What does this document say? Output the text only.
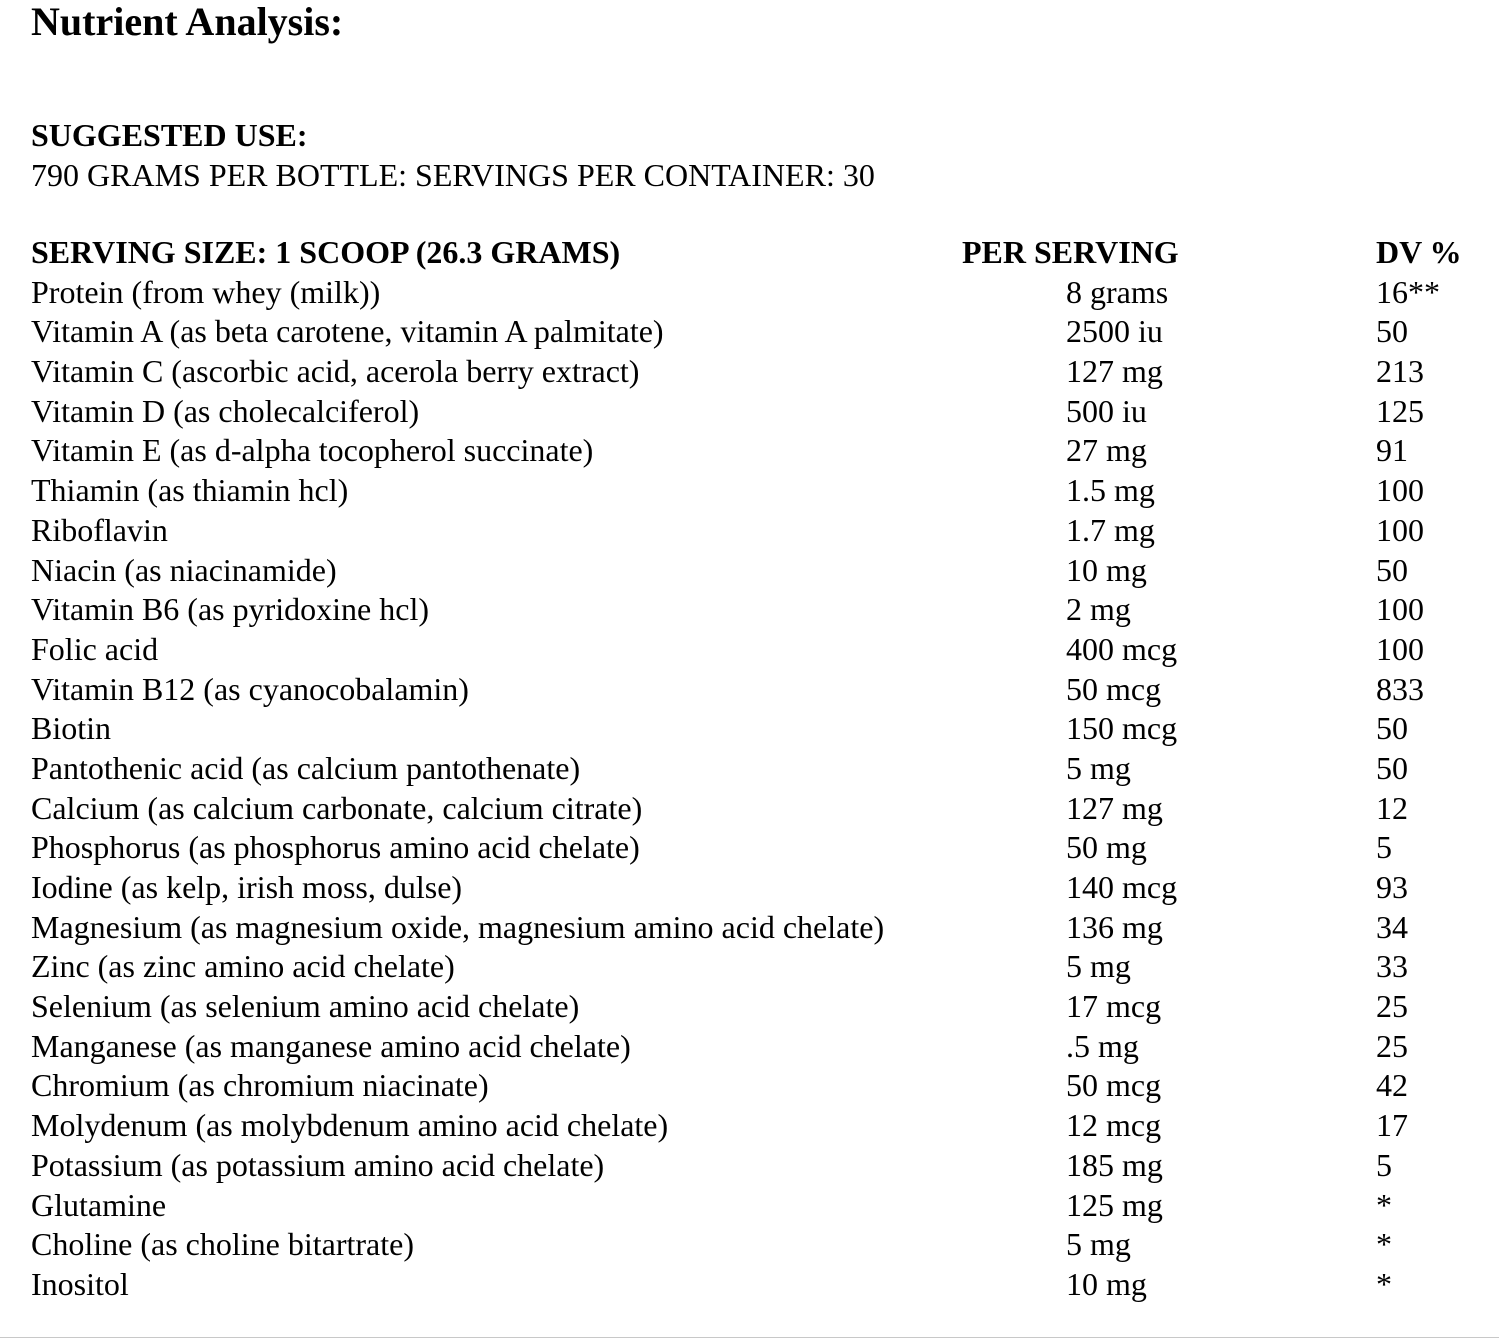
Nutrient Analysis:
SUGGESTED USE:
790 GRAMS PER BOTTLE: SERVINGS PER CONTAINER: 30
SERVING SIZE: 1 SCOOP (26.3 GRAMS)	PER SERVING	DV %
Protein (from whey (milk))	8 grams	16**
Vitamin A (as beta carotene, vitamin A palmitate)	2500 iu	50
Vitamin C (ascorbic acid, acerola berry extract)	127 mg	213
Vitamin D (as cholecalciferol)	500 iu	125
Vitamin E (as d-alpha tocopherol succinate)	27 mg	91
Thiamin (as thiamin hcl)	1.5 mg	100
Riboflavin	1.7 mg	100
Niacin (as niacinamide)	10 mg	50
Vitamin B6 (as pyridoxine hcl)	2 mg	100
Folic acid	400 mcg	100
Vitamin B12 (as cyanocobalamin)	50 mcg	833
Biotin	150 mcg	50
Pantothenic acid (as calcium pantothenate)	5 mg	50
Calcium (as calcium carbonate, calcium citrate)	127 mg	12
Phosphorus (as phosphorus amino acid chelate)	50 mg	5
Iodine (as kelp, irish moss, dulse)	140 mcg	93
Magnesium (as magnesium oxide, magnesium amino acid chelate)	136 mg	34
Zinc (as zinc amino acid chelate)	5 mg	33
Selenium (as selenium amino acid chelate)	17 mcg	25
Manganese (as manganese amino acid chelate)	.5 mg	25
Chromium (as chromium niacinate)	50 mcg	42
Molydenum (as molybdenum amino acid chelate)	12 mcg	17
Potassium (as potassium amino acid chelate)	185 mg	5
Glutamine	125 mg	*
Choline (as choline bitartrate)	5 mg	*
Inositol	10 mg	*
